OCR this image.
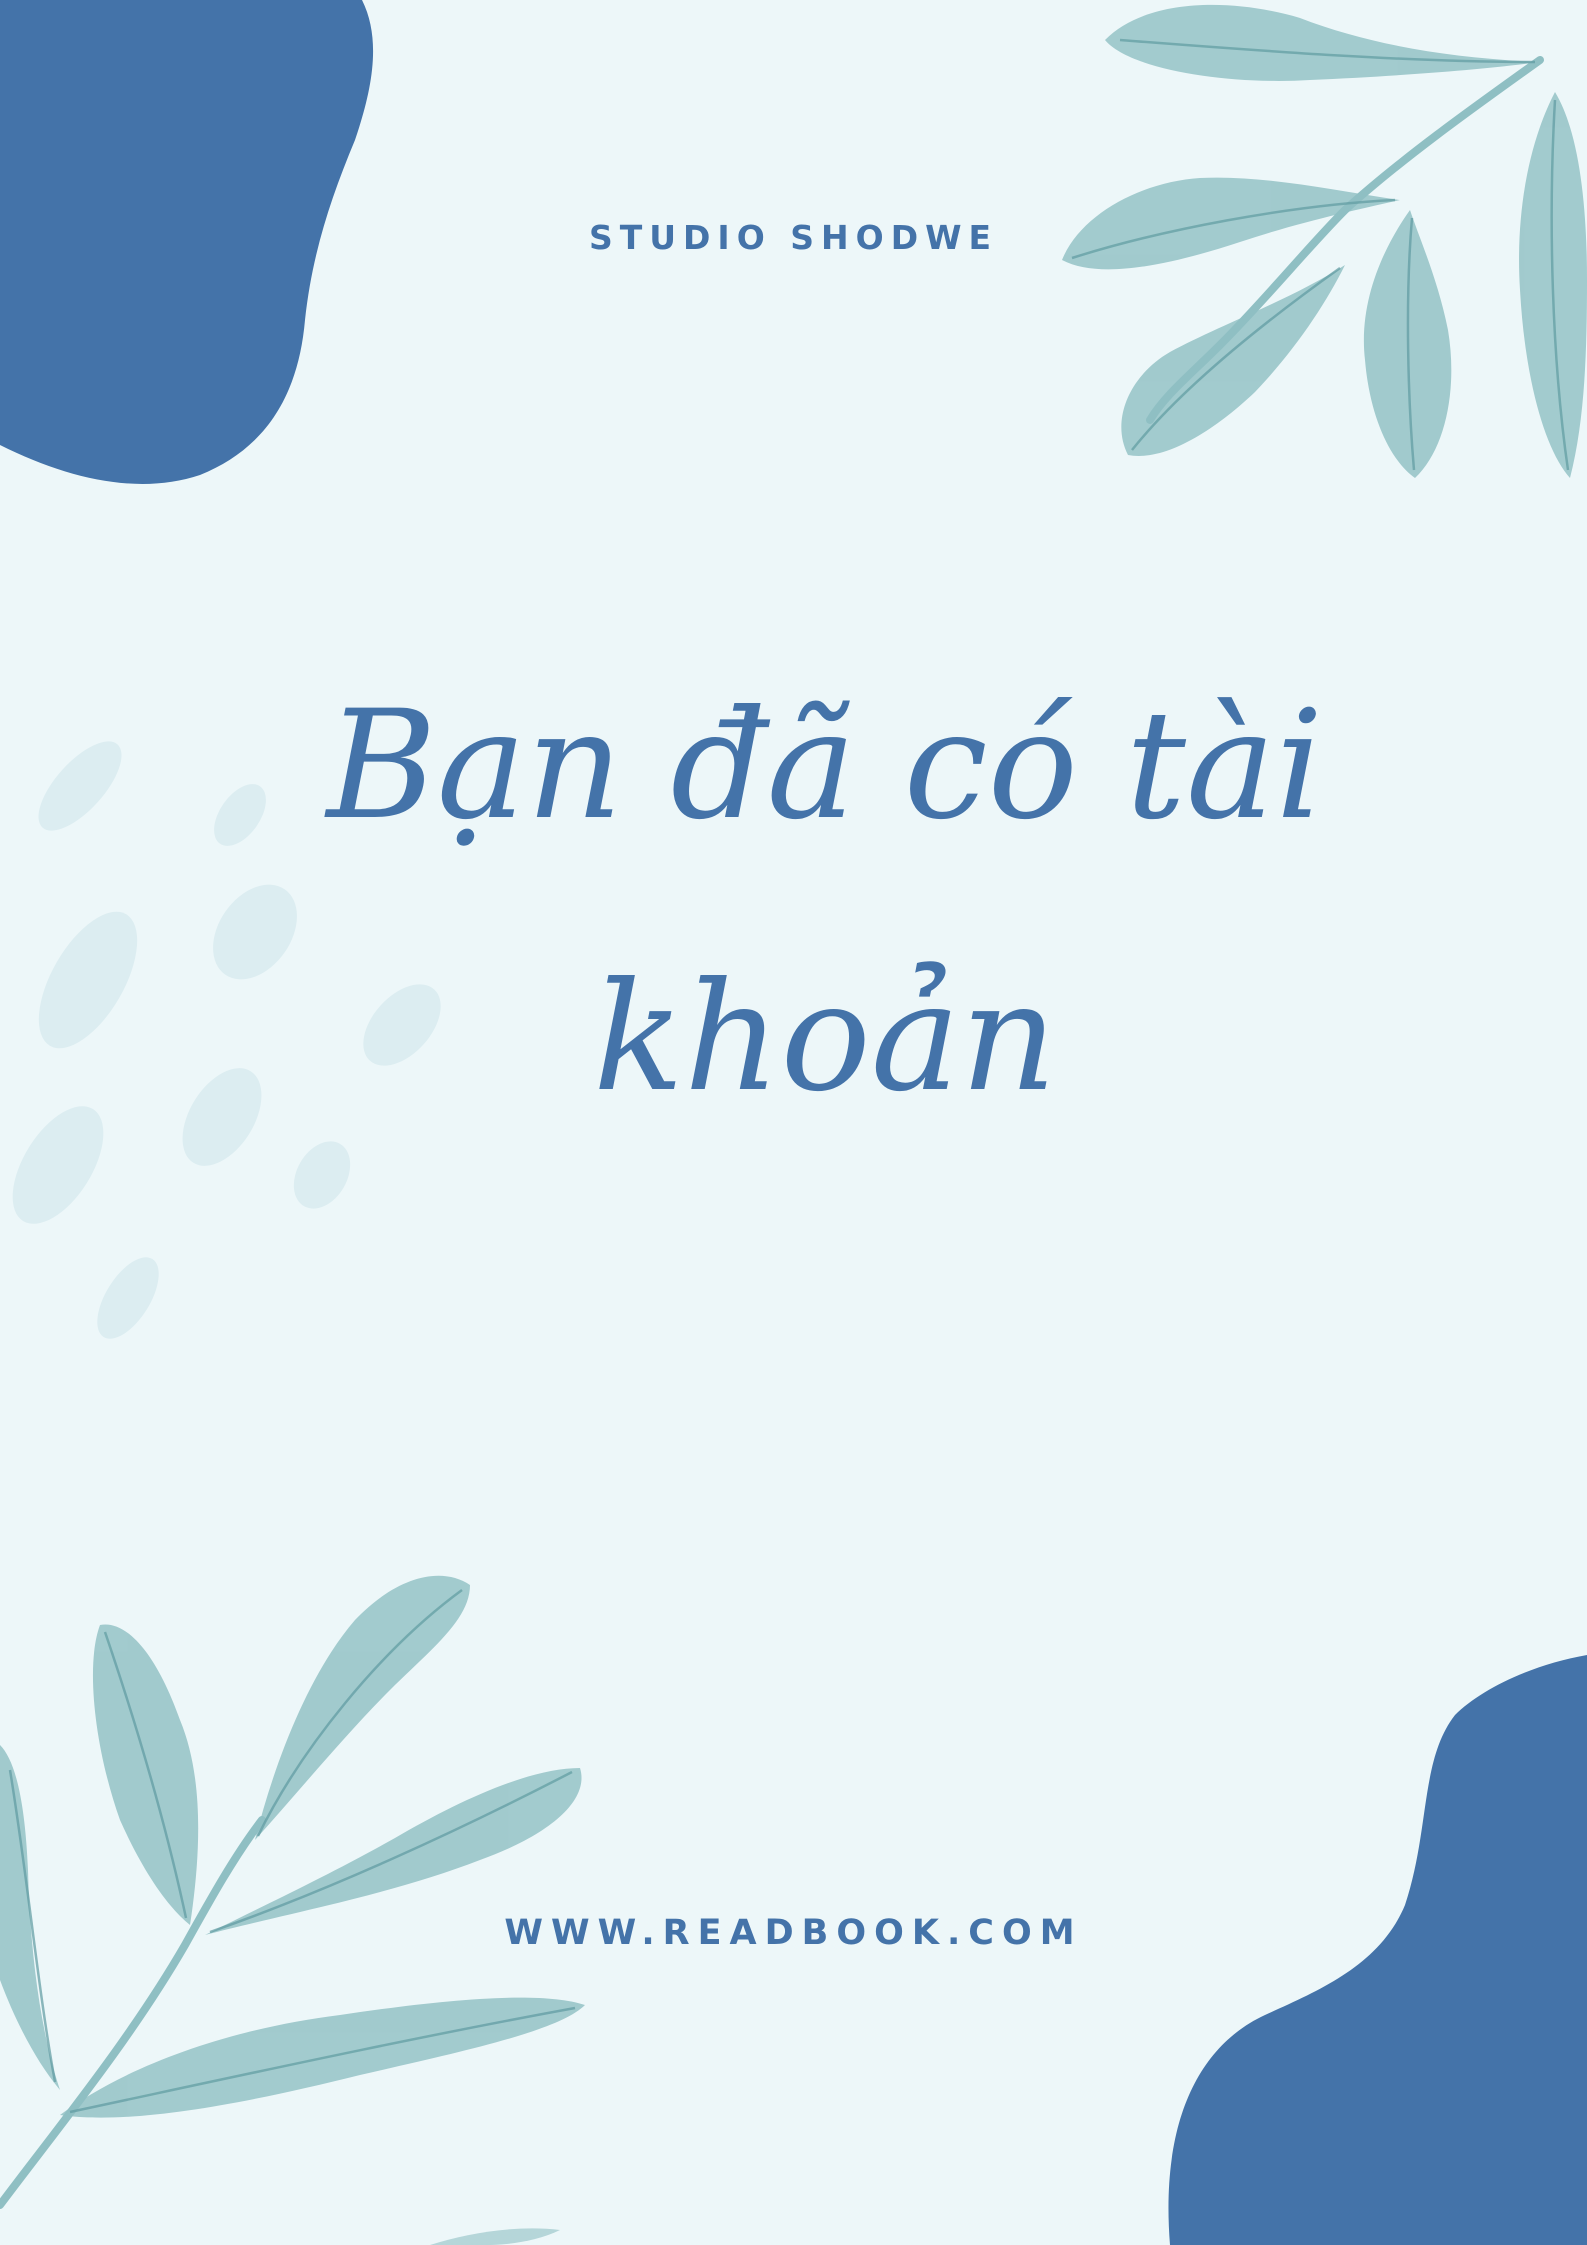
STUDIO SHODWE
Bạn đã có tài khoản
WWW.READBOOK.COM
